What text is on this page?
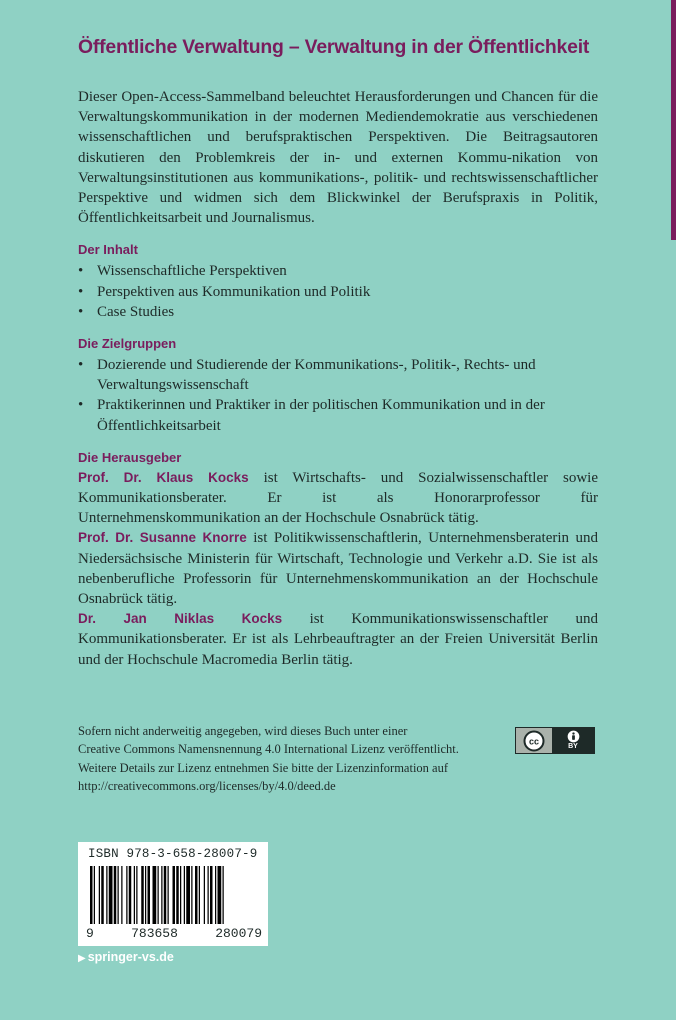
Öffentliche Verwaltung – Verwaltung in der Öffentlichkeit
Dieser Open-Access-Sammelband beleuchtet Herausforderungen und Chancen für die Verwaltungskommunikation in der modernen Mediendemokratie aus verschiedenen wissenschaftlichen und berufspraktischen Perspektiven. Die Beitragsautoren diskutieren den Problemkreis der in- und externen Kommu-nikation von Verwaltungsinstitutionen aus kommunikations-, politik- und rechtswissenschaftlicher Perspektive und widmen sich dem Blickwinkel der Berufspraxis in Politik, Öffentlichkeitsarbeit und Journalismus.
Der Inhalt
• Wissenschaftliche Perspektiven
• Perspektiven aus Kommunikation und Politik
• Case Studies
Die Zielgruppen
• Dozierende und Studierende der Kommunikations-, Politik-, Rechts- und Verwaltungswissenschaft
• Praktikerinnen und Praktiker in der politischen Kommunikation und in der Öffentlichkeitsarbeit
Die Herausgeber

Prof. Dr. Klaus Kocks ist Wirtschafts- und Sozialwissenschaftler sowie Kommunikationsberater. Er ist als Honorarprofessor für Unternehmenskommunikation an der Hochschule Osnabrück tätig.

Prof. Dr. Susanne Knorre ist Politikwissenschaftlerin, Unternehmensberaterin und Niedersächsische Ministerin für Wirtschaft, Technologie und Verkehr a.D. Sie ist als nebenberufliche Professorin für Unternehmenskommunikation an der Hochschule Osnabrück tätig.

Dr. Jan Niklas Kocks ist Kommunikationswissenschaftler und Kommunikationsberater. Er ist als Lehrbeauftragter an der Freien Universität Berlin und der Hochschule Macromedia Berlin tätig.

Sofern nicht anderweitig angegeben, wird dieses Buch unter einer
Creative Commons Namensnennung 4.0 International Lizenz veröffentlicht.
Weitere Details zur Lizenz entnehmen Sie bitte der Lizenzinformation auf
http://creativecommons.org/licenses/by/4.0/deed.de
cc
BY
ISBN 978-3-658-28007-9
9	783658	280079
▶ springer-vs.de
